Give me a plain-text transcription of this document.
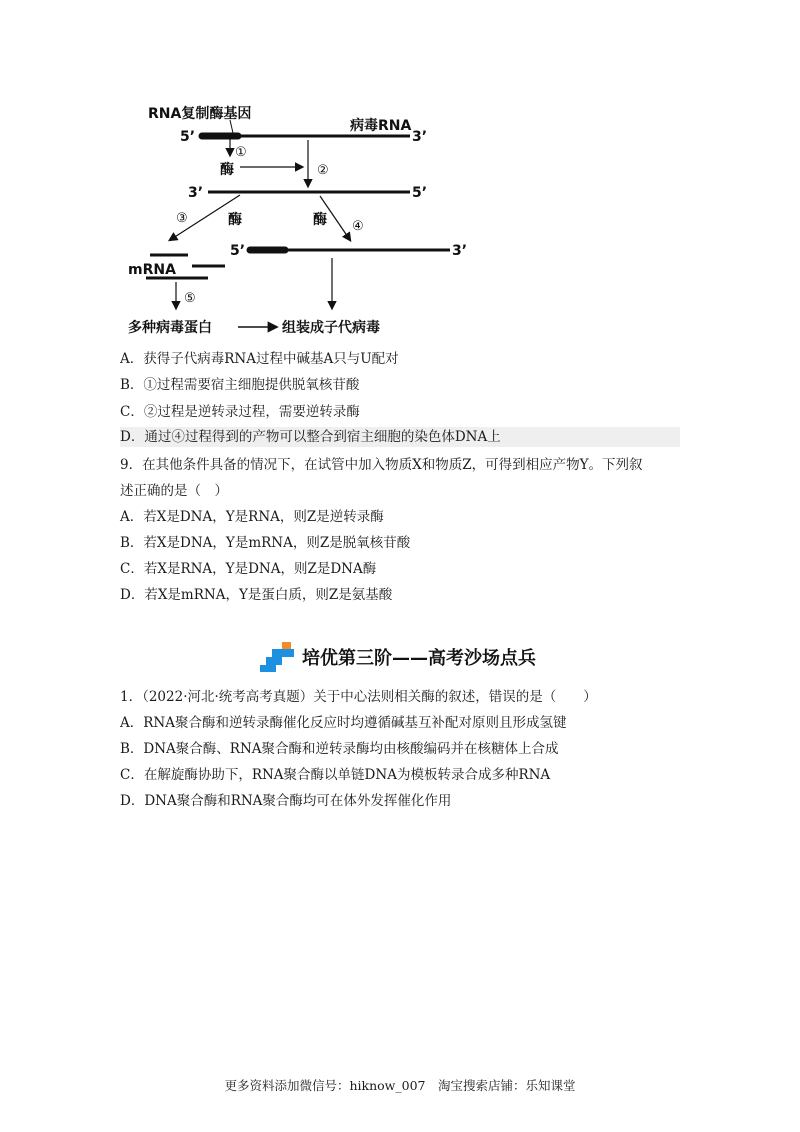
RNA复制酶基因
病毒RNA
5’	3’
①
酶	②
3’	5’
③	酶	酶 ④
5’	3’
mRNA
⑤
多种病毒蛋白	组装成子代病毒
A．获得子代病毒RNA过程中碱基A只与U配对
B．①过程需要宿主细胞提供脱氧核苷酸
C．②过程是逆转录过程，需要逆转录酶
D．通过④过程得到的产物可以整合到宿主细胞的染色体DNA上
9．在其他条件具备的情况下，在试管中加入物质X和物质Z，可得到相应产物Y。下列叙
述正确的是（　）
A．若X是DNA，Y是RNA，则Z是逆转录酶
B．若X是DNA，Y是mRNA，则Z是脱氧核苷酸
C．若X是RNA，Y是DNA，则Z是DNA酶
D．若X是mRNA，Y是蛋白质，则Z是氨基酸
培优第三阶——高考沙场点兵
1．（2022·河北·统考高考真题）关于中心法则相关酶的叙述，错误的是（　　）
A．RNA聚合酶和逆转录酶催化反应时均遵循碱基互补配对原则且形成氢键
B．DNA聚合酶、RNA聚合酶和逆转录酶均由核酸编码并在核糖体上合成
C．在解旋酶协助下，RNA聚合酶以单链DNA为模板转录合成多种RNA
D．DNA聚合酶和RNA聚合酶均可在体外发挥催化作用
更多资料添加微信号：hiknow_007　淘宝搜索店铺：乐知课堂
